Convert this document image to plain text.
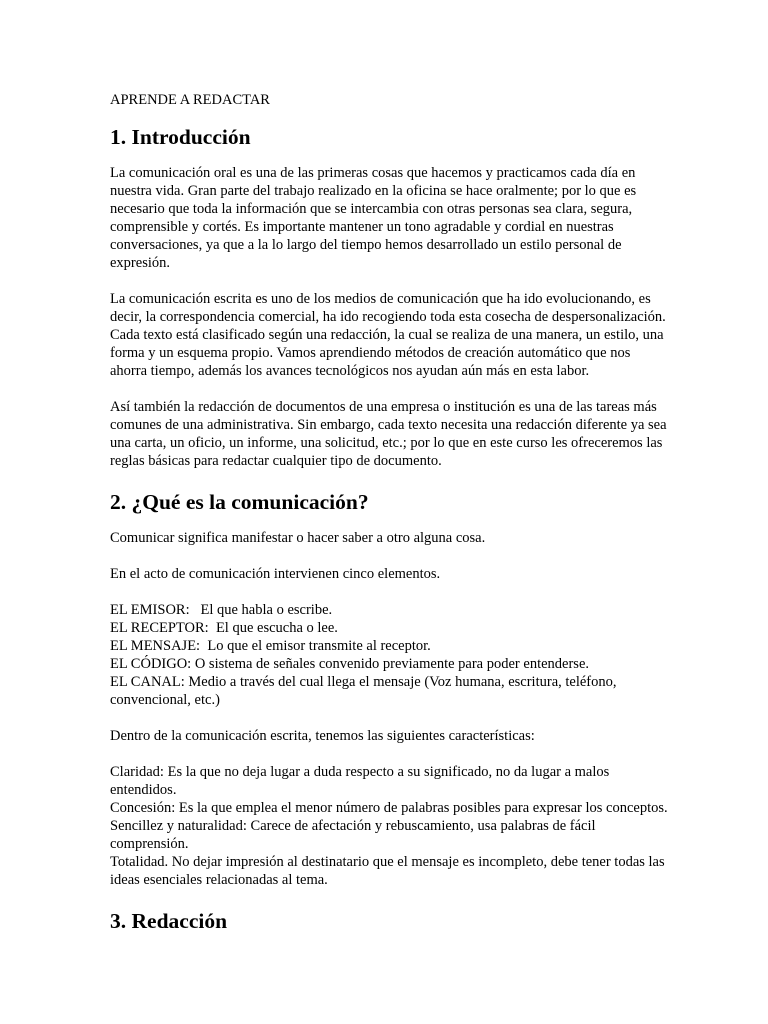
APRENDE A REDACTAR
1. Introducción

La comunicación oral es una de las primeras cosas que hacemos y practicamos cada día en nuestra vida. Gran parte del trabajo realizado en la oficina se hace oralmente; por lo que es necesario que toda la información que se intercambia con otras personas sea clara, segura, comprensible y cortés. Es importante mantener un tono agradable y cordial en nuestras conversaciones, ya que a la lo largo del tiempo hemos desarrollado un estilo personal de expresión.

La comunicación escrita es uno de los medios de comunicación que ha ido evolucionando, es decir, la correspondencia comercial, ha ido recogiendo toda esta cosecha de despersonalización. Cada texto está clasificado según una redacción, la cual se realiza de una manera, un estilo, una forma y un esquema propio. Vamos aprendiendo métodos de creación automático que nos ahorra tiempo, además los avances tecnológicos nos ayudan aún más en esta labor.

Así también la redacción de documentos de una empresa o institución es una de las tareas más comunes de una administrativa. Sin embargo, cada texto necesita una redacción diferente ya sea una carta, un oficio, un informe, una solicitud, etc.; por lo que en este curso les ofreceremos las reglas básicas para redactar cualquier tipo de documento.

2. ¿Qué es la comunicación?

Comunicar significa manifestar o hacer saber a otro alguna cosa.

En el acto de comunicación intervienen cinco elementos.

EL EMISOR:   El que habla o escribe.
EL RECEPTOR:  El que escucha o lee.
EL MENSAJE:  Lo que el emisor transmite al receptor.
EL CÓDIGO: O sistema de señales convenido previamente para poder entenderse.
EL CANAL: Medio a través del cual llega el mensaje (Voz humana, escritura, teléfono, convencional, etc.)

Dentro de la comunicación escrita, tenemos las siguientes características:

Claridad: Es la que no deja lugar a duda respecto a su significado, no da lugar a malos entendidos.
Concesión: Es la que emplea el menor número de palabras posibles para expresar los conceptos.
Sencillez y naturalidad: Carece de afectación y rebuscamiento, usa palabras de fácil comprensión.
Totalidad. No dejar impresión al destinatario que el mensaje es incompleto, debe tener todas las ideas esenciales relacionadas al tema.
3. Redacción
